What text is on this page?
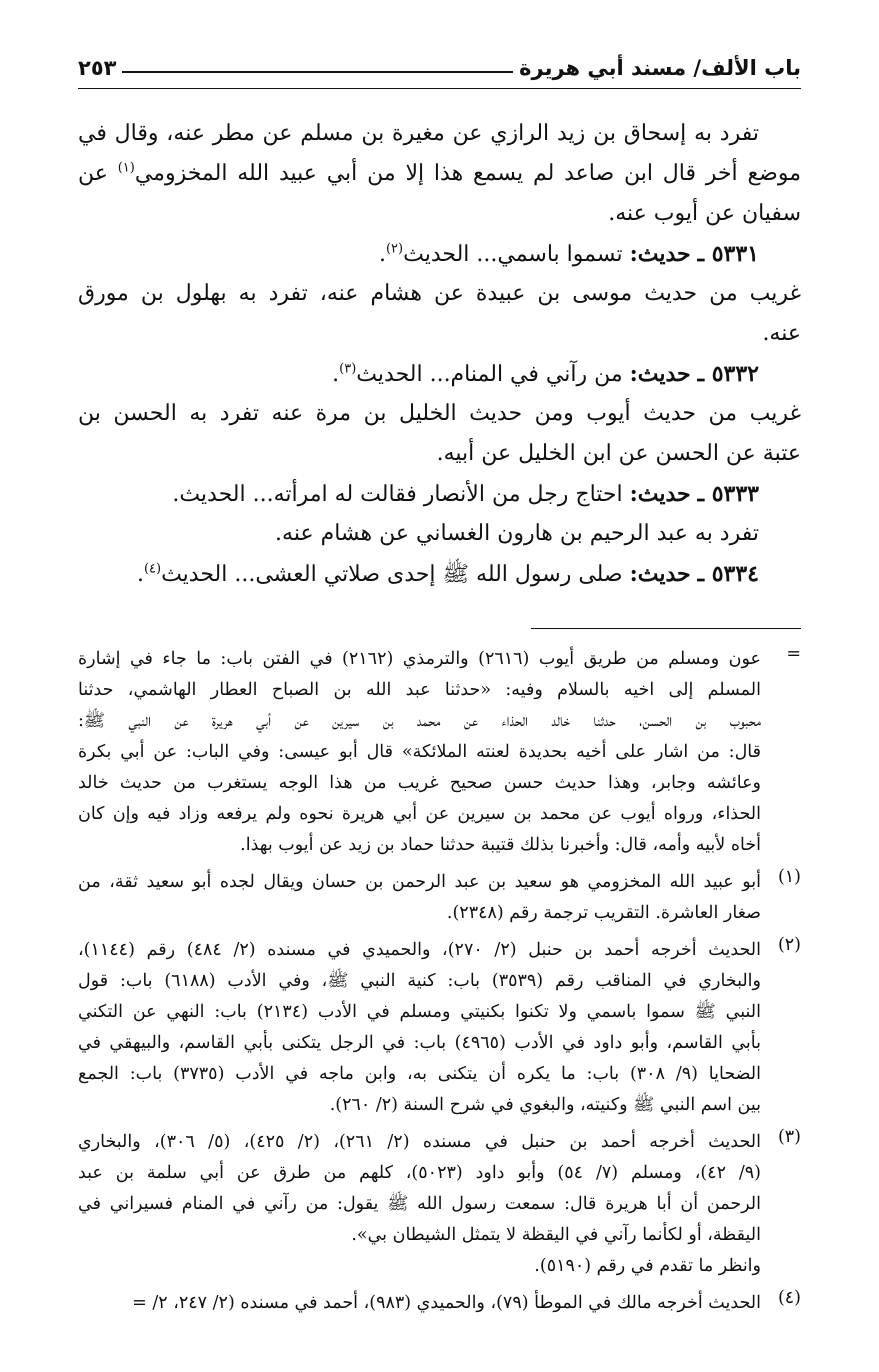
باب الألف/ مسند أبي هريرة
٢٥٣
تفرد به إسحاق بن زيد الرازي عن مغيرة بن مسلم عن مطر عنه، وقال في
موضع أخر قال ابن صاعد لم يسمع هذا إلا من أبي عبيد الله المخزومي$^{(١)}$ عن
سفيان عن أيوب عنه.
٥٣٣١ ـ حديث: تسموا باسمي... الحديث$^{(٢)}$.
غريب من حديث موسى بن عبيدة عن هشام عنه، تفرد به بهلول بن مورق
عنه.
٥٣٣٢ ـ حديث: من رآني في المنام... الحديث$^{(٣)}$.
غريب من حديث أيوب ومن حديث الخليل بن مرة عنه تفرد به الحسن بن
عتبة عن الحسن عن ابن الخليل عن أبيه.
٥٣٣٣ ـ حديث: احتاج رجل من الأنصار فقالت له امرأته... الحديث.
تفرد به عبد الرحيم بن هارون الغساني عن هشام عنه.
٥٣٣٤ ـ حديث: صلى رسول الله ﷺ إحدى صلاتي العشى... الحديث$^{(٤)}$.
=
عون ومسلم من طريق أيوب (٢٦١٦) والترمذي (٢١٦٢) في الفتن باب: ما جاء في إشارة
المسلم إلى اخيه بالسلام وفيه: «حدثنا عبد الله بن الصباح العطار الهاشمي، حدثنا
محبوب بن الحسن، حدثنا خالد الحذاء عن محمد بن سيرين عن أبي هريرة عن النبي ﷺ:
قال: من اشار على أخيه بحديدة لعنته الملائكة» قال أبو عيسى: وفي الباب: عن أبي بكرة
وعائشه وجابر، وهذا حديث حسن صحيح غريب من هذا الوجه يستغرب من حديث خالد
الحذاء، ورواه أيوب عن محمد بن سيرين عن أبي هريرة نحوه ولم يرفعه وزاد فيه وإن كان
أخاه لأبيه وأمه، قال: وأخبرنا بذلك قتيبة حدثنا حماد بن زيد عن أيوب بهذا.
(١)
أبو عبيد الله المخزومي هو سعيد بن عبد الرحمن بن حسان ويقال لجده أبو سعيد ثقة، من
صغار العاشرة. التقريب ترجمة رقم (٢٣٤٨).
(٢)
الحديث أخرجه أحمد بن حنبل (٢/ ٢٧٠)، والحميدي في مسنده (٢/ ٤٨٤) رقم (١١٤٤)،
والبخاري في المناقب رقم (٣٥٣٩) باب: كنية النبي ﷺ، وفي الأدب (٦١٨٨) باب: قول
النبي ﷺ سموا باسمي ولا تكنوا بكنيتي ومسلم في الأدب (٢١٣٤) باب: النهي عن التكني
بأبي القاسم، وأبو داود في الأدب (٤٩٦٥) باب: في الرجل يتكنى بأبي القاسم، والبيهقي في
الضحايا (٩/ ٣٠٨) باب: ما يكره أن يتكنى به، وابن ماجه في الأدب (٣٧٣٥) باب: الجمع
بين اسم النبي ﷺ وكنيته، والبغوي في شرح السنة (٢/ ٢٦٠).
(٣)
الحديث أخرجه أحمد بن حنبل في مسنده (٢/ ٢٦١)، (٢/ ٤٢٥)، (٥/ ٣٠٦)، والبخاري
(٩/ ٤٢)، ومسلم (٧/ ٥٤) وأبو داود (٥٠٢٣)، كلهم من طرق عن أبي سلمة بن عبد
الرحمن أن أبا هريرة قال: سمعت رسول الله ﷺ يقول: من رآني في المنام فسيراني في
اليقظة، أو لكأنما رآني في اليقظة لا يتمثل الشيطان بي».
وانظر ما تقدم في رقم (٥١٩٠).
(٤)
الحديث أخرجه مالك في الموطأ (٧٩)، والحميدي (٩٨٣)، أحمد في مسنده (٢/ ٢٤٧، ٢/ =
